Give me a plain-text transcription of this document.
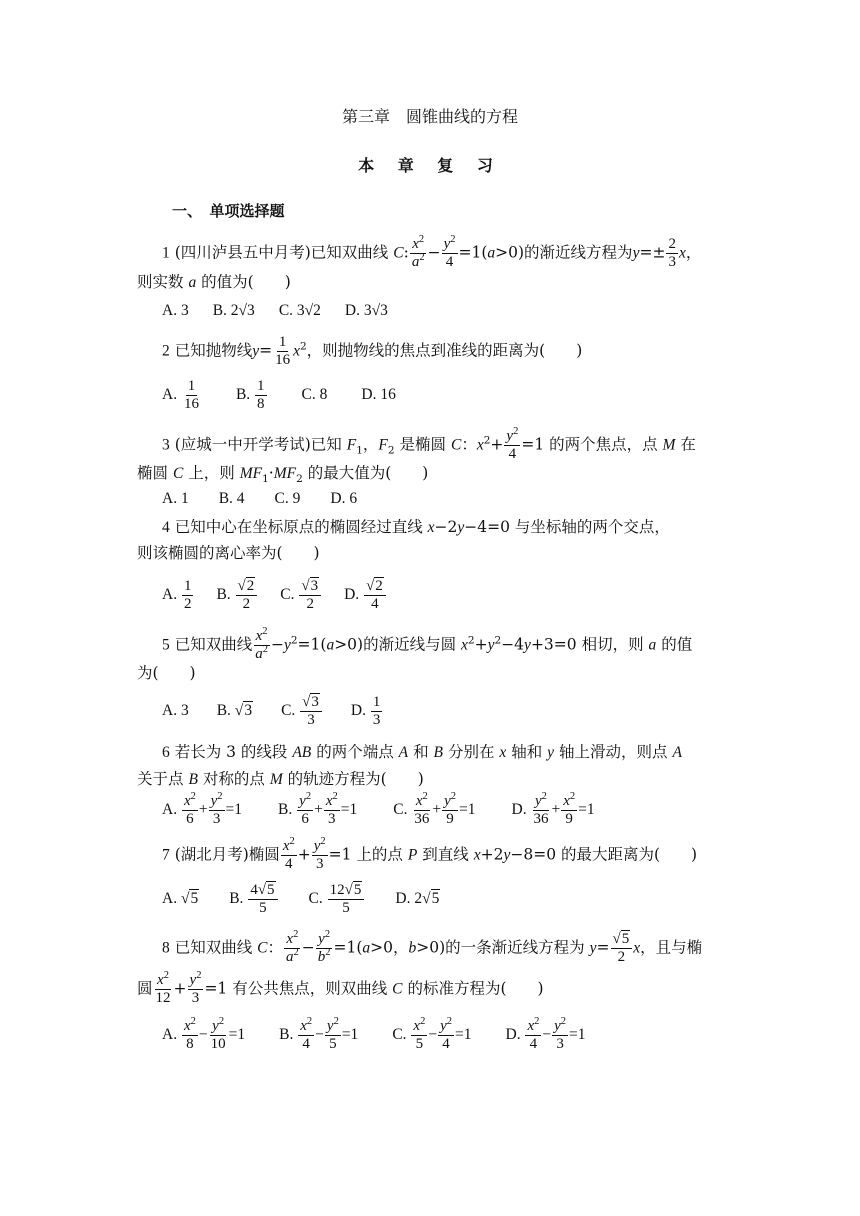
第三章　圆锥曲线的方程
本 章 复 习
一、　单项选择题
1 (四川泸县五中月考)已知双曲线 C: $\frac{x^2}{a^2} - \frac{y^2}{4} =1(a>0)$的渐近线方程为$y=\pm \frac{2}{3}$ x，
则实数 a 的值为(　　)
A. 3 B. 2√3 C. 3√2 D. 3√3
2 已知抛物线$y= \frac{1}{16} x^2$，则抛物线的焦点到准线的距离为(　　)
A. $\frac{1}{16} B$. $\frac{1}{8} C$. 8 D. 16
3 (应城一中开学考试)已知 $F_1$，$F_2$ 是椭圆 C：$x^2+ \frac{y^2}{4} =1$ 的两个焦点，点 M 在
椭圆 C 上，则 $MF_1\cdot MF_2$ 的最大值为(　　)
A. 1 B. 4 C. 9 D. 6
4 已知中心在坐标原点的椭圆经过直线 x−2y−4=0 与坐标轴的两个交点，
则该椭圆的离心率为(　　)
A. $\frac{1}{2} B$. $\frac{√2}{2} C$. $\frac{√3}{2} D$. $\frac{√2}{4}$
5 已知双曲线 $\frac{x^2}{a^2} -y^2=1(a>0)$的渐近线与圆 $x^2+y^2-4y+3=0$ 相切，则 a 的值
为(　　)
A. 3 B. √3 C. $\frac{√3}{3} D$. $\frac{1}{3}$
6 若长为 3 的线段 AB 的两个端点 A 和 B 分别在 x 轴和 y 轴上滑动，则点 A
关于点 B 对称的点 M 的轨迹方程为(　　)
A. $\frac{x^2}{6} + \frac{y^2}{3} =1$ B. $\frac{y^2}{6} + \frac{x^2}{3} =1$ C. $\frac{x^2}{36} + \frac{y^2}{9} =1$ D. $\frac{y^2}{36} + \frac{x^2}{9} =1$
7 (湖北月考)椭圆 $\frac{x^2}{4} + \frac{y^2}{3} =1$ 上的点 P 到直线 x+2y−8=0 的最大距离为(　　)
A. √5 B. $\frac{4√5}{5} C$. $\frac{12√5}{5} D$. 2√5
8 已知双曲线 C： $\frac{x^2}{a^2} - \frac{y^2}{b^2} =1(a>0$，b>0)的一条渐近线方程为 $y= \frac{√5}{2}$ x，且与椭
圆 $\frac{x^2}{12} + \frac{y^2}{3} =1$ 有公共焦点，则双曲线 C 的标准方程为(　　)
A. $\frac{x^2}{8} - \frac{y^2}{10} =1$ B. $\frac{x^2}{4} - \frac{y^2}{5} =1$ C. $\frac{x^2}{5} - \frac{y^2}{4} =1$ D. $\frac{x^2}{4} - \frac{y^2}{3} =1$
